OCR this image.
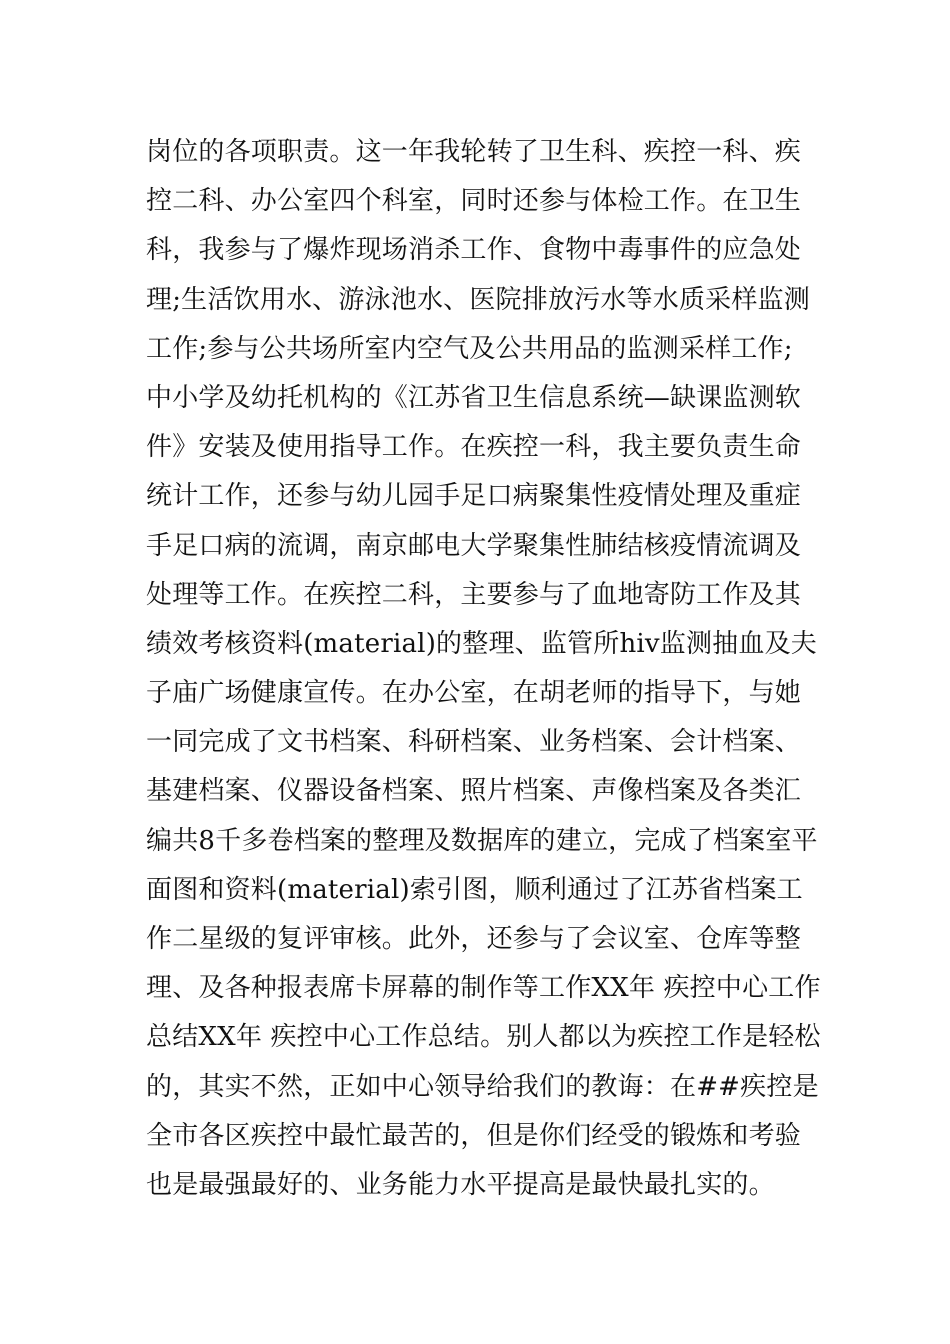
岗位的各项职责。这一年我轮转了卫生科、疾控一科、疾
控二科、办公室四个科室，同时还参与体检工作。在卫生
科，我参与了爆炸现场消杀工作、食物中毒事件的应急处
理;生活饮用水、游泳池水、医院排放污水等水质采样监测
工作;参与公共场所室内空气及公共用品的监测采样工作;
中小学及幼托机构的《江苏省卫生信息系统—缺课监测软
件》安装及使用指导工作。在疾控一科，我主要负责生命
统计工作，还参与幼儿园手足口病聚集性疫情处理及重症
手足口病的流调，南京邮电大学聚集性肺结核疫情流调及
处理等工作。在疾控二科，主要参与了血地寄防工作及其
绩效考核资料(material)的整理、监管所hiv监测抽血及夫
子庙广场健康宣传。在办公室，在胡老师的指导下，与她
一同完成了文书档案、科研档案、业务档案、会计档案、
基建档案、仪器设备档案、照片档案、声像档案及各类汇
编共8千多卷档案的整理及数据库的建立，完成了档案室平
面图和资料(material)索引图，顺利通过了江苏省档案工
作二星级的复评审核。此外，还参与了会议室、仓库等整
理、及各种报表席卡屏幕的制作等工作XX年 疾控中心工作
总结XX年 疾控中心工作总结。别人都以为疾控工作是轻松
的，其实不然，正如中心领导给我们的教诲：在##疾控是
全市各区疾控中最忙最苦的，但是你们经受的锻炼和考验
也是最强最好的、业务能力水平提高是最快最扎实的。
